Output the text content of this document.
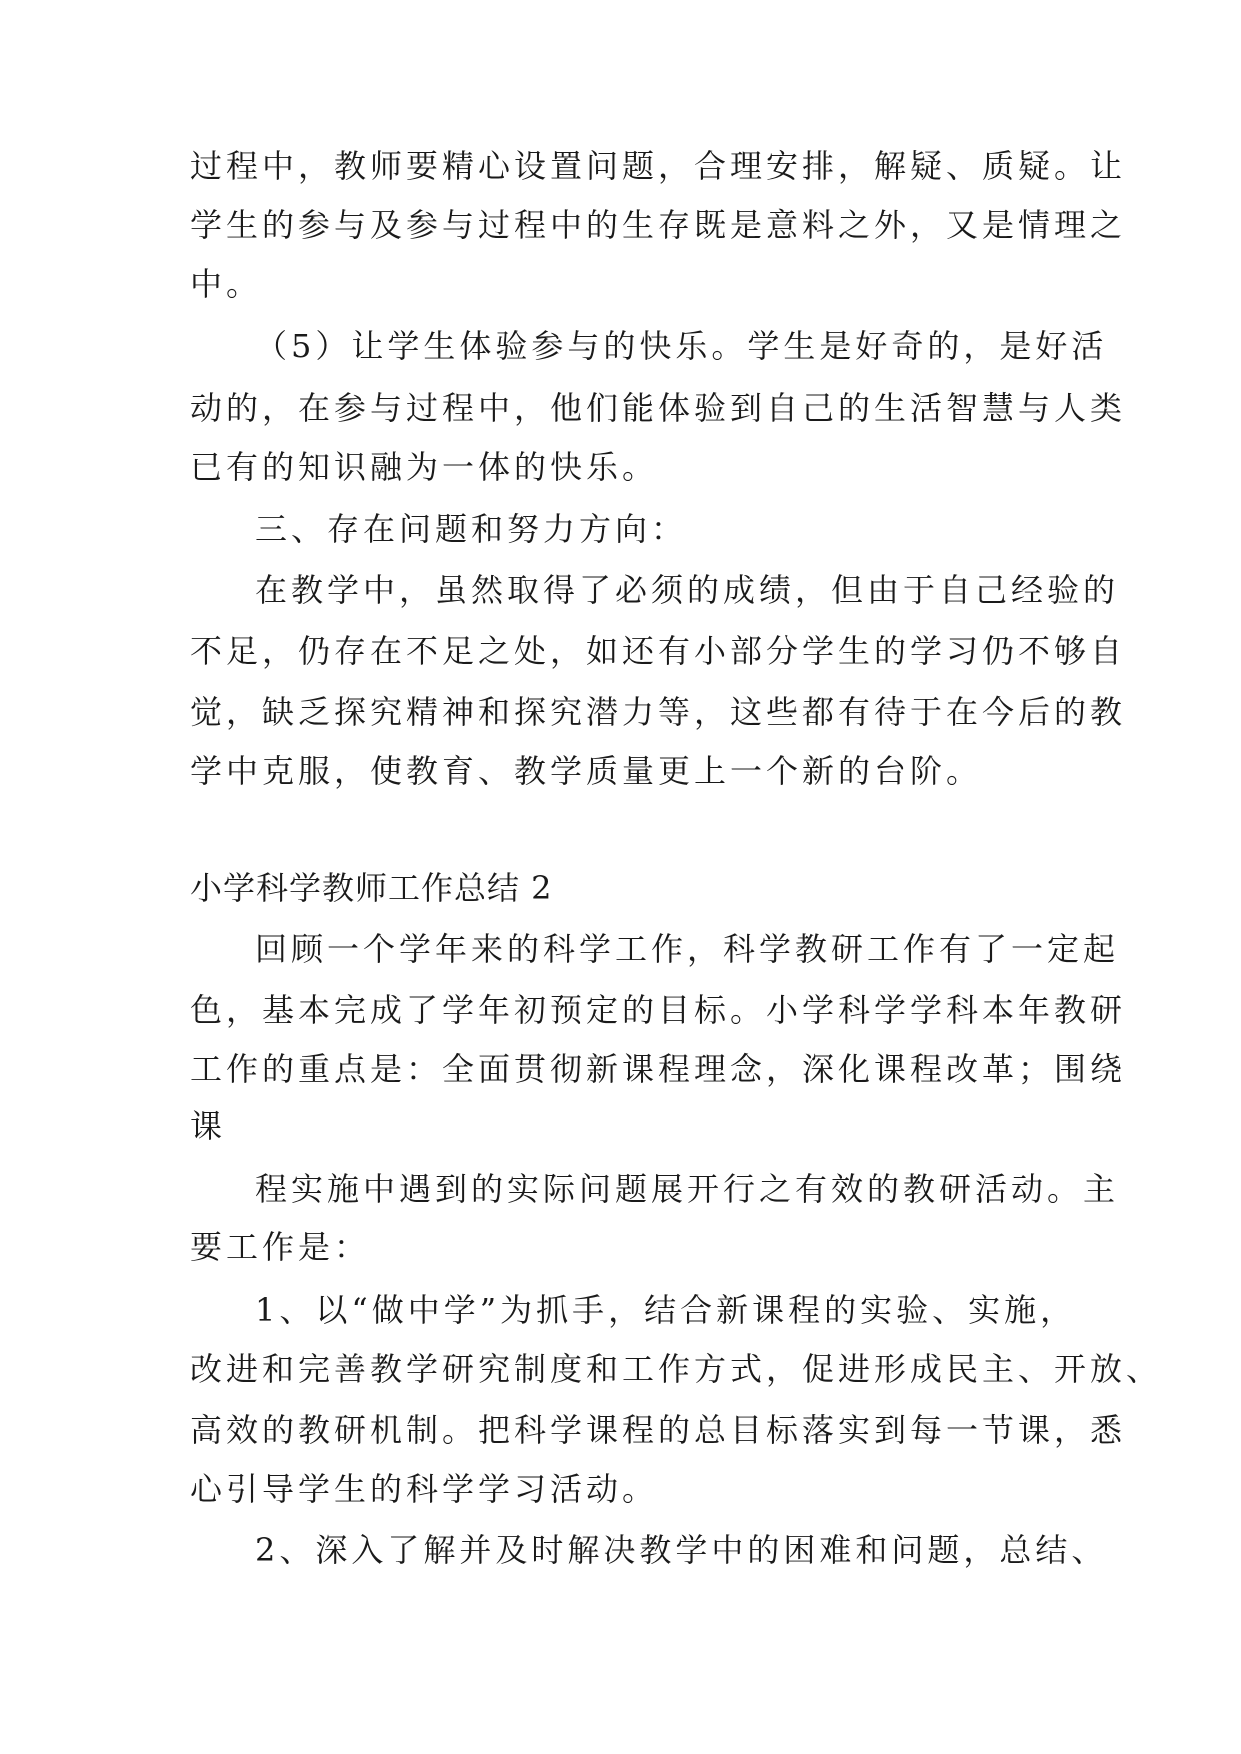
过程中，教师要精心设置问题，合理安排，解疑、质疑。让
学生的参与及参与过程中的生存既是意料之外，又是情理之
中。
（5）让学生体验参与的快乐。学生是好奇的，是好活
动的，在参与过程中，他们能体验到自己的生活智慧与人类
已有的知识融为一体的快乐。
三、存在问题和努力方向：
在教学中，虽然取得了必须的成绩，但由于自己经验的
不足，仍存在不足之处，如还有小部分学生的学习仍不够自
觉，缺乏探究精神和探究潜力等，这些都有待于在今后的教
学中克服，使教育、教学质量更上一个新的台阶。
小学科学教师工作总结 2
回顾一个学年来的科学工作，科学教研工作有了一定起
色，基本完成了学年初预定的目标。小学科学学科本年教研
工作的重点是：全面贯彻新课程理念，深化课程改革；围绕
课
程实施中遇到的实际问题展开行之有效的教研活动。主
要工作是：
1、以“做中学”为抓手，结合新课程的实验、实施，
改进和完善教学研究制度和工作方式，促进形成民主、开放、
高效的教研机制。把科学课程的总目标落实到每一节课，悉
心引导学生的科学学习活动。
2、深入了解并及时解决教学中的困难和问题，总结、
